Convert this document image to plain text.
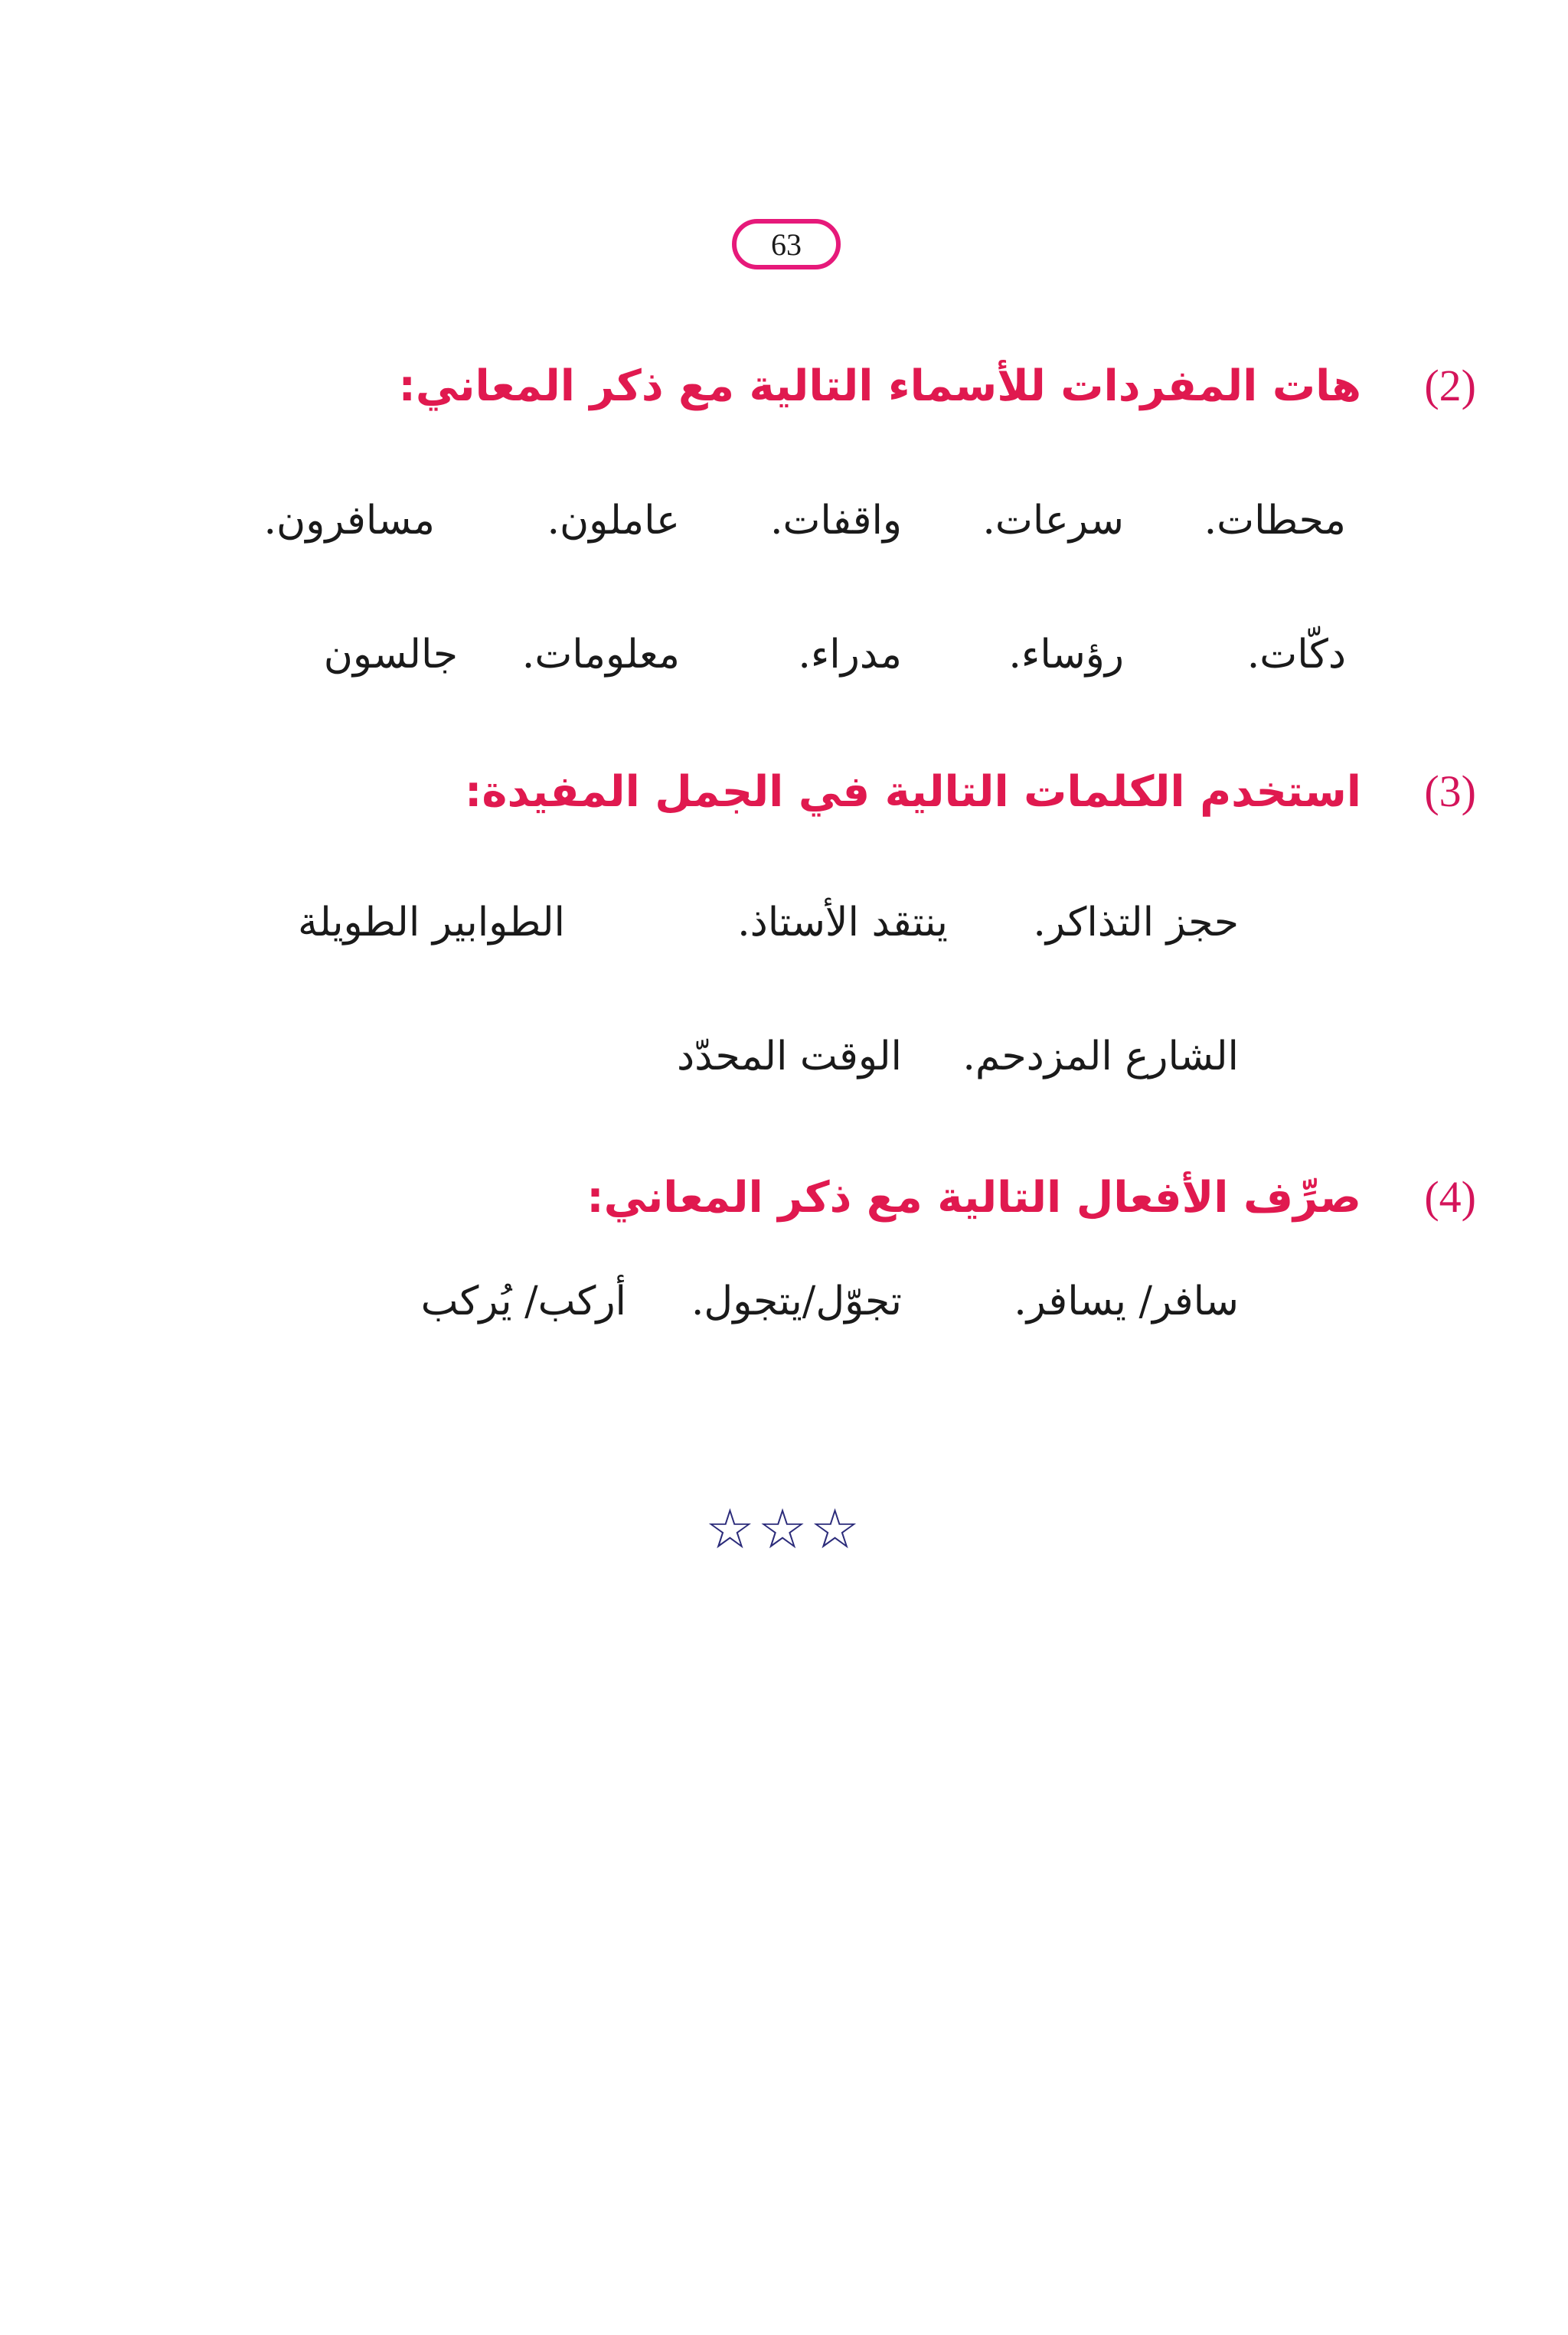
63
(2)
هات المفردات للأسماء التالية مع ذكر المعاني:
محطات.
سرعات.
واقفات.
عاملون.
مسافرون.
دكّات.
رؤساء.
مدراء.
معلومات.
جالسون
(3)
استخدم الكلمات التالية في الجمل المفيدة:
حجز التذاكر.
ينتقد الأستاذ.
الطوابير الطويلة
الشارع المزدحم.
الوقت المحدّد
(4)
صرِّف الأفعال التالية مع ذكر المعاني:
سافر/ يسافر.
تجوّل/يتجول.
أركب/ يُركب
☆☆☆
